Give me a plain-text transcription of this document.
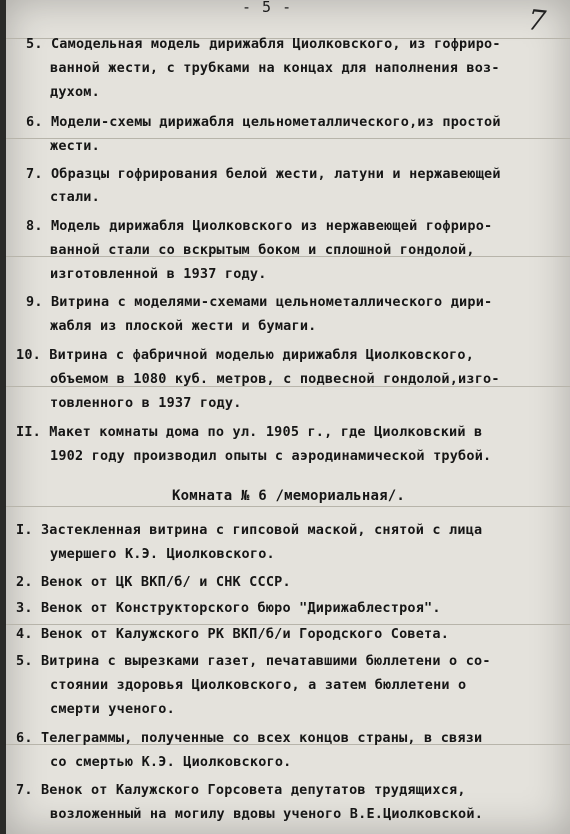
- 5 -	7
5. Самодельная модель дирижабля Циолковского, из гофриро-
ванной жести, с трубками на концах для наполнения воз-
духом.
6. Модели-схемы дирижабля цельнометаллического,из простой
жести.
7. Образцы гофрирования белой жести, латуни и нержавеющей
стали.
8. Модель дирижабля Циолковского из нержавеющей гофриро-
ванной стали со вскрытым боком и сплошной гондолой,
изготовленной в 1937 году.
9. Витрина с моделями-схемами цельнометаллического дири-
жабля из плоской жести и бумаги.
10. Витрина с фабричной моделью дирижабля Циолковского,
объемом в 1080 куб. метров, с подвесной гондолой,изго-
товленного в 1937 году.
II. Макет комнаты дома по ул. 1905 г., где Циолковский в
1902 году производил опыты с аэродинамической трубой.
Комната № 6 /мемориальная/.
I. Застекленная витрина с гипсовой маской, снятой с лица
умершего К.Э. Циолковского.
2. Венок от ЦК ВКП/б/ и СНК СССР.
3. Венок от Конструкторского бюро "Дирижаблестроя".
4. Венок от Калужского РК ВКП/б/и Городского Совета.
5. Витрина с вырезками газет, печатавшими бюллетени о со-
стоянии здоровья Циолковского, а затем бюллетени о
смерти ученого.
6. Телеграммы, полученные со всех концов страны, в связи
со смертью К.Э. Циолковского.
7. Венок от Калужского Горсовета депутатов трудящихся,
возложенный на могилу вдовы ученого В.Е.Циолковской.
